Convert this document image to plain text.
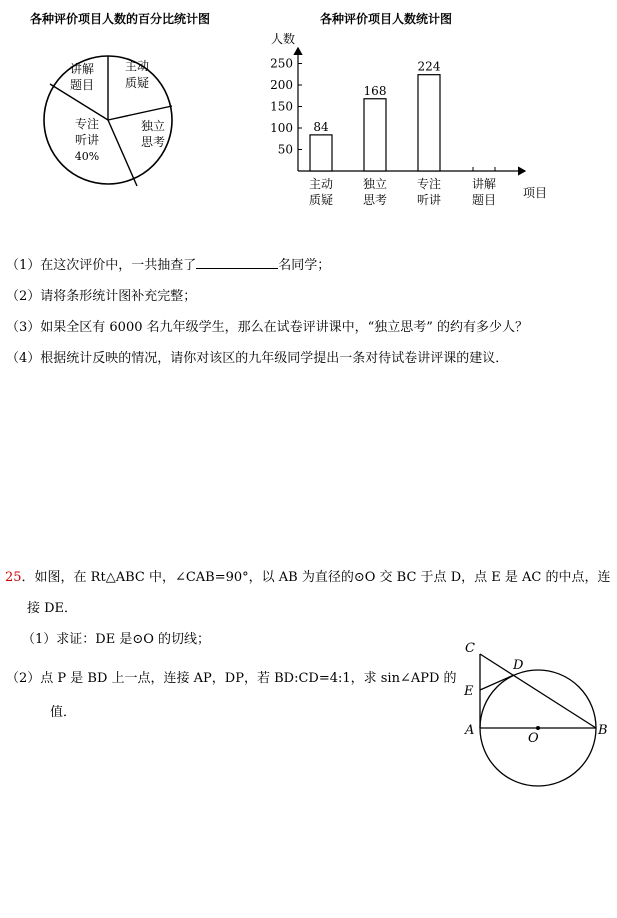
各种评价项目人数的百分比统计图
讲解
题目
主动
质疑
独立
思考
专注
听讲
40%
各种评价项目人数统计图
人数
项目
50
100
150
200
250
84
主动
质疑
168
独立
思考
224
专注
听讲
讲解
题目
（1）在这次评价中，一共抽查了	名同学；
（2）请将条形统计图补充完整；
（3）如果全区有 6000 名九年级学生，那么在试卷评讲课中，“独立思考” 的约有多少人？
（4）根据统计反映的情况，请你对该区的九年级同学提出一条对待试卷讲评课的建议．
25．如图，在 Rt△ABC 中，∠CAB=90°，以 AB 为直径的⊙O 交 BC 于点 D，点 E 是 AC 的中点，连
接 DE．
（1）求证：DE 是⊙O 的切线；
（2）点 P 是 BD 上一点，连接 AP，DP，若 BD:CD=4:1，求 sin∠APD 的
值．
C
D
E
A
O
B
